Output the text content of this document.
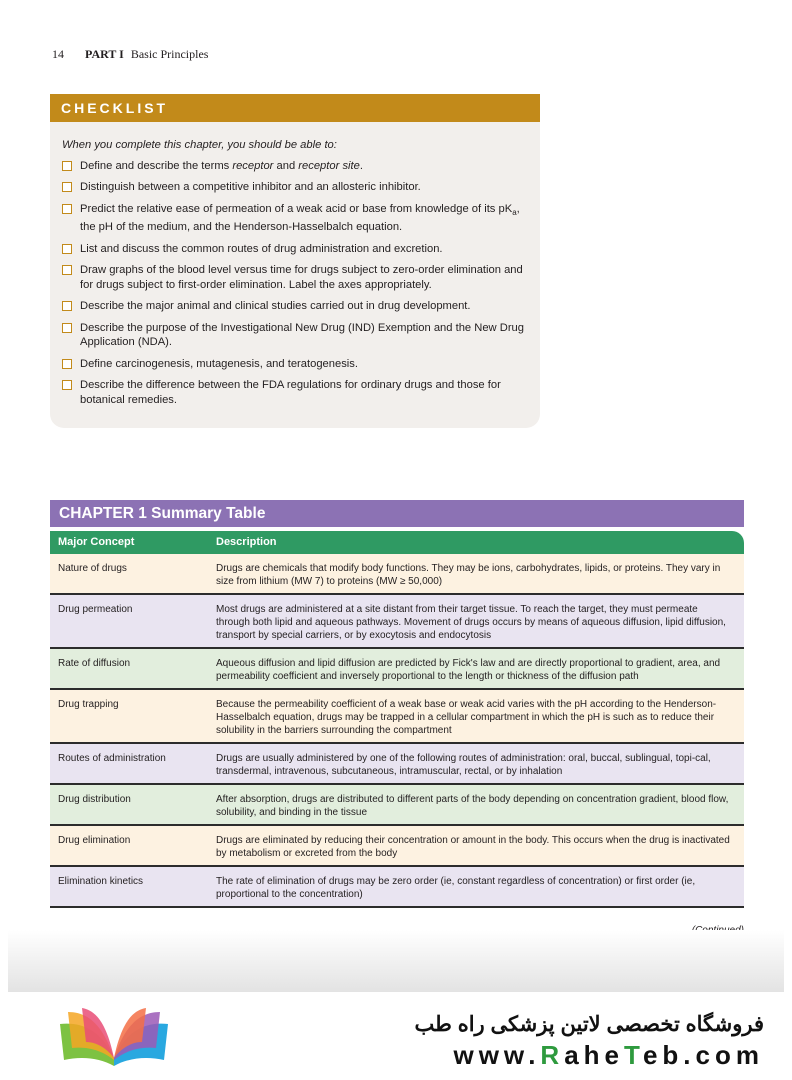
14 PART I Basic Principles
CHECKLIST
When you complete this chapter, you should be able to:
Define and describe the terms receptor and receptor site.
Distinguish between a competitive inhibitor and an allosteric inhibitor.
Predict the relative ease of permeation of a weak acid or base from knowledge of its $pK_a$, the pH of the medium, and the Henderson-Hasselbalch equation.
List and discuss the common routes of drug administration and excretion.
Draw graphs of the blood level versus time for drugs subject to zero-order elimination and for drugs subject to first-order elimination. Label the axes appropriately.
Describe the major animal and clinical studies carried out in drug development.
Describe the purpose of the Investigational New Drug (IND) Exemption and the New Drug Application (NDA).
Define carcinogenesis, mutagenesis, and teratogenesis.
Describe the difference between the FDA regulations for ordinary drugs and those for botanical remedies.
CHAPTER 1 Summary Table
Major Concept	Description
Nature of drugs	Drugs are chemicals that modify body functions. They may be ions, carbohydrates, lipids, or proteins. They vary in size from lithium (MW 7) to proteins (MW ≥ 50,000)
Drug permeation	Most drugs are administered at a site distant from their target tissue. To reach the target, they must permeate through both lipid and aqueous pathways. Movement of drugs occurs by means of aqueous diffusion, lipid diffusion, transport by special carriers, or by exocytosis and endocytosis
Rate of diffusion	Aqueous diffusion and lipid diffusion are predicted by Fick's law and are directly proportional to gradient, area, and permeability coefficient and inversely proportional to the length or thickness of the diffusion path
Drug trapping	Because the permeability coefficient of a weak base or weak acid varies with the pH according to the Henderson-Hasselbalch equation, drugs may be trapped in a cellular compartment in which the pH is such as to reduce their solubility in the barriers surrounding the compartment
Routes of administration	Drugs are usually administered by one of the following routes of administration: oral, buccal, sublingual, topi-cal, transdermal, intravenous, subcutaneous, intramuscular, rectal, or by inhalation
Drug distribution	After absorption, drugs are distributed to different parts of the body depending on concentration gradient, blood flow, solubility, and binding in the tissue
Drug elimination	Drugs are eliminated by reducing their concentration or amount in the body. This occurs when the drug is inactivated by metabolism or excreted from the body
Elimination kinetics	The rate of elimination of drugs may be zero order (ie, constant regardless of concentration) or first order (ie, proportional to the concentration)
فروشگاه تخصصی لاتین پزشکی راه طب
www.RaheTeb.com
